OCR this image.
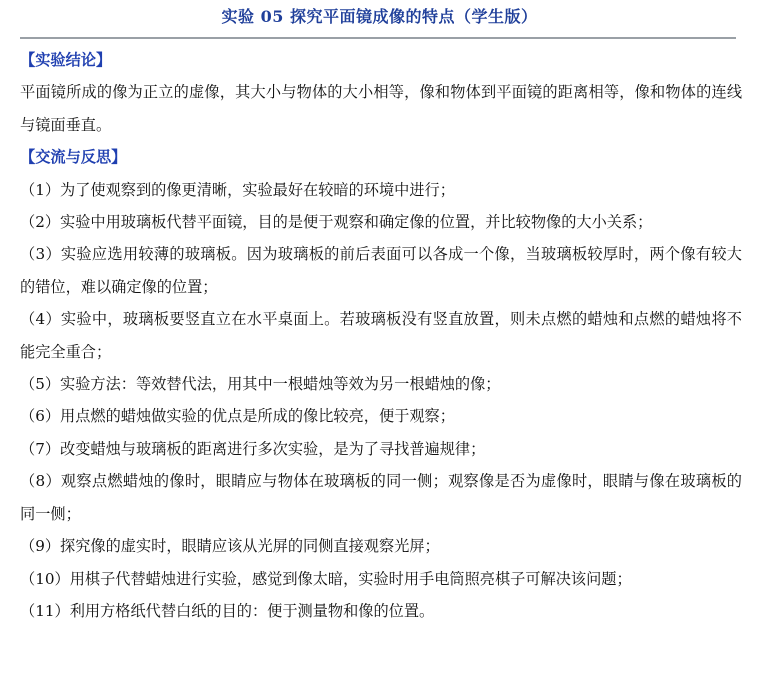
实验 05 探究平面镜成像的特点（学生版）

【实验结论】

平面镜所成的像为正立的虚像，其大小与物体的大小相等，像和物体到平面镜的距离相等，像和物体的连线与镜面垂直。

【交流与反思】

（1）为了使观察到的像更清晰，实验最好在较暗的环境中进行；

（2）实验中用玻璃板代替平面镜，目的是便于观察和确定像的位置，并比较物像的大小关系；

（3）实验应选用较薄的玻璃板。因为玻璃板的前后表面可以各成一个像，当玻璃板较厚时，两个像有较大的错位，难以确定像的位置；

（4）实验中，玻璃板要竖直立在水平桌面上。若玻璃板没有竖直放置，则未点燃的蜡烛和点燃的蜡烛将不能完全重合；

（5）实验方法：等效替代法，用其中一根蜡烛等效为另一根蜡烛的像；

（6）用点燃的蜡烛做实验的优点是所成的像比较亮，便于观察；

（7）改变蜡烛与玻璃板的距离进行多次实验，是为了寻找普遍规律；

（8）观察点燃蜡烛的像时，眼睛应与物体在玻璃板的同一侧；观察像是否为虚像时，眼睛与像在玻璃板的同一侧；

（9）探究像的虚实时，眼睛应该从光屏的同侧直接观察光屏；

（10）用棋子代替蜡烛进行实验，感觉到像太暗，实验时用手电筒照亮棋子可解决该问题；

（11）利用方格纸代替白纸的目的：便于测量物和像的位置。
